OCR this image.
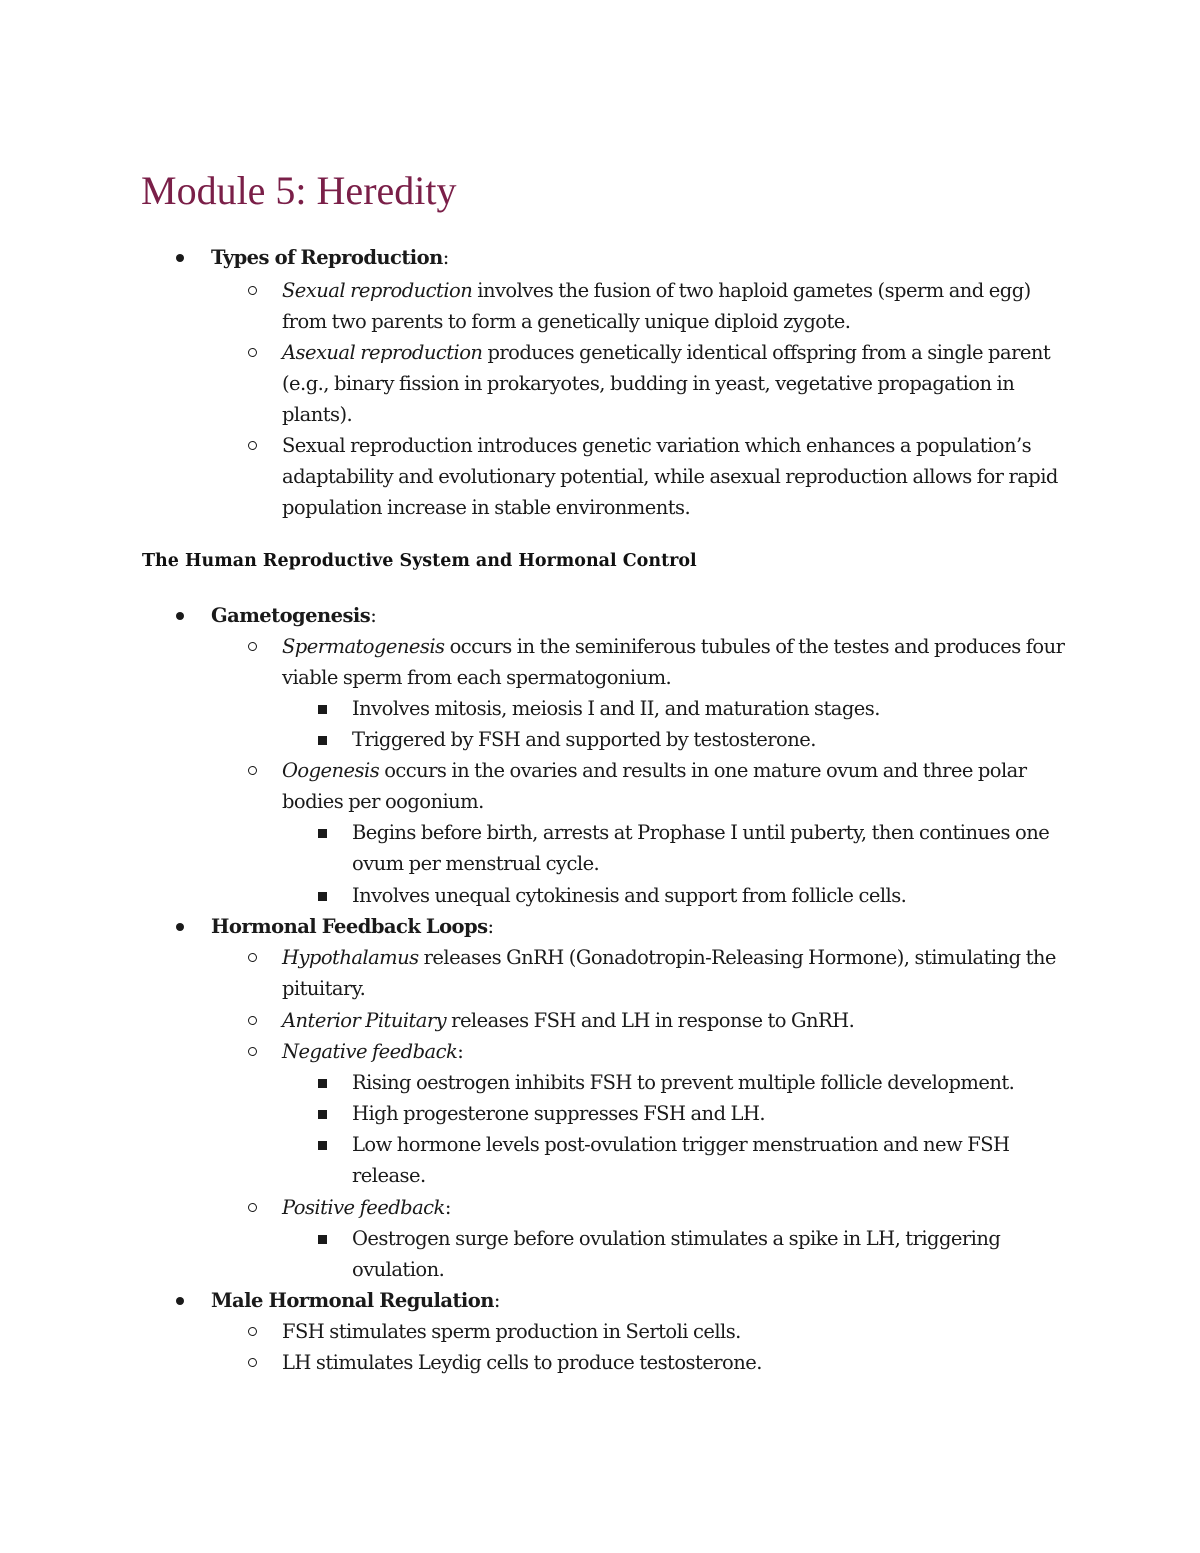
Module 5: Heredity

Types of Reproduction:

Sexual reproduction involves the fusion of two haploid gametes (sperm and egg) from two parents to form a genetically unique diploid zygote.

Asexual reproduction produces genetically identical offspring from a single parent (e.g., binary fission in prokaryotes, budding in yeast, vegetative propagation in plants).

Sexual reproduction introduces genetic variation which enhances a population’s adaptability and evolutionary potential, while asexual reproduction allows for rapid population increase in stable environments.

The Human Reproductive System and Hormonal Control

Gametogenesis:

Spermatogenesis occurs in the seminiferous tubules of the testes and produces four viable sperm from each spermatogonium.

Involves mitosis, meiosis I and II, and maturation stages.

Triggered by FSH and supported by testosterone.

Oogenesis occurs in the ovaries and results in one mature ovum and three polar bodies per oogonium.

Begins before birth, arrests at Prophase I until puberty, then continues one ovum per menstrual cycle.

Involves unequal cytokinesis and support from follicle cells.

Hormonal Feedback Loops:

Hypothalamus releases GnRH (Gonadotropin-Releasing Hormone), stimulating the pituitary.

Anterior Pituitary releases FSH and LH in response to GnRH.

Negative feedback:

Rising oestrogen inhibits FSH to prevent multiple follicle development.

High progesterone suppresses FSH and LH.

Low hormone levels post-ovulation trigger menstruation and new FSH release.

Positive feedback:

Oestrogen surge before ovulation stimulates a spike in LH, triggering ovulation.

Male Hormonal Regulation:

FSH stimulates sperm production in Sertoli cells.

LH stimulates Leydig cells to produce testosterone.
